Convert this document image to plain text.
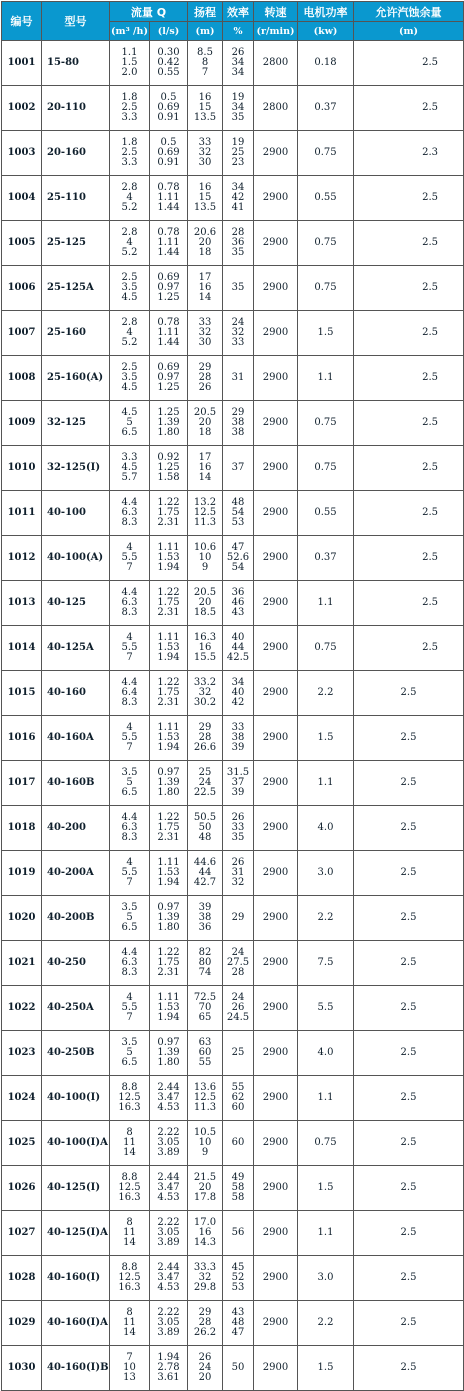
编号	型号	流量 Q		扬程	效率	转速	电机功率	允许汽蚀余量
		(m³ /h)	(l/s)	(m)	%	(r/min)	(kw)	(m)
1001	15-80	1.1
1.5
2.0	0.30
0.42
0.55	8.5
8
7	26
34
34	2800	0.18	2.5
1002	20-110	1.8
2.5
3.3	0.5
0.69
0.91	16
15
13.5	19
34
35	2800	0.37	2.5
1003	20-160	1.8
2.5
3.3	0.5
0.69
0.91	33
32
30	19
25
23	2900	0.75	2.3
1004	25-110	2.8
4
5.2	0.78
1.11
1.44	16
15
13.5	34
42
41	2900	0.55	2.5
1005	25-125	2.8
4
5.2	0.78
1.11
1.44	20.6
20
18	28
36
35	2900	0.75	2.5
1006	25-125A	2.5
3.5
4.5	0.69
0.97
1.25	17
16
14	35	2900	0.75	2.5
1007	25-160	2.8
4
5.2	0.78
1.11
1.44	33
32
30	24
32
33	2900	1.5	2.5
1008	25-160(A)	2.5
3.5
4.5	0.69
0.97
1.25	29
28
26	31	2900	1.1	2.5
1009	32-125	4.5
5
6.5	1.25
1.39
1.80	20.5
20
18	29
38
38	2900	0.75	2.5
1010	32-125(I)	3.3
4.5
5.7	0.92
1.25
1.58	17
16
14	37	2900	0.75	2.5
1011	40-100	4.4
6.3
8.3	1.22
1.75
2.31	13.2
12.5
11.3	48
54
53	2900	0.55	2.5
1012	40-100(A)	4
5.5
7	1.11
1.53
1.94	10.6
10
9	47
52.6
54	2900	0.37	2.5
1013	40-125	4.4
6.3
8.3	1.22
1.75
2.31	20.5
20
18.5	36
46
43	2900	1.1	2.5
1014	40-125A	4
5.5
7	1.11
1.53
1.94	16.3
16
15.5	40
44
42.5	2900	0.75	2.5
1015	40-160	4.4
6.4
8.3	1.22
1.75
2.31	33.2
32
30.2	34
40
42	2900	2.2	2.5
1016	40-160A	4
5.5
7	1.11
1.53
1.94	29
28
26.6	33
38
39	2900	1.5	2.5
1017	40-160B	3.5
5
6.5	0.97
1.39
1.80	25
24
22.5	31.5
37
39	2900	1.1	2.5
1018	40-200	4.4
6.3
8.3	1.22
1.75
2.31	50.5
50
48	26
33
35	2900	4.0	2.5
1019	40-200A	4
5.5
7	1.11
1.53
1.94	44.6
44
42.7	26
31
32	2900	3.0	2.5
1020	40-200B	3.5
5
6.5	0.97
1.39
1.80	39
38
36	29	2900	2.2	2.5
1021	40-250	4.4
6.3
8.3	1.22
1.75
2.31	82
80
74	24
27.5
28	2900	7.5	2.5
1022	40-250A	4
5.5
7	1.11
1.53
1.94	72.5
70
65	24
26
24.5	2900	5.5	2.5
1023	40-250B	3.5
5
6.5	0.97
1.39
1.80	63
60
55	25	2900	4.0	2.5
1024	40-100(I)	8.8
12.5
16.3	2.44
3.47
4.53	13.6
12.5
11.3	55
62
60	2900	1.1	2.5
1025	40-100(I)A	8
11
14	2.22
3.05
3.89	10.5
10
9	60	2900	0.75	2.5
1026	40-125(I)	8.8
12.5
16.3	2.44
3.47
4.53	21.5
20
17.8	49
58
58	2900	1.5	2.5
1027	40-125(I)A	8
11
14	2.22
3.05
3.89	17.0
16
14.3	56	2900	1.1	2.5
1028	40-160(I)	8.8
12.5
16.3	2.44
3.47
4.53	33.3
32
29.8	45
52
53	2900	3.0	2.5
1029	40-160(I)A	8
11
14	2.22
3.05
3.89	29
28
26.2	43
48
47	2900	2.2	2.5
1030	40-160(I)B	7
10
13	1.94
2.78
3.61	26
24
20	50	2900	1.5	2.5
